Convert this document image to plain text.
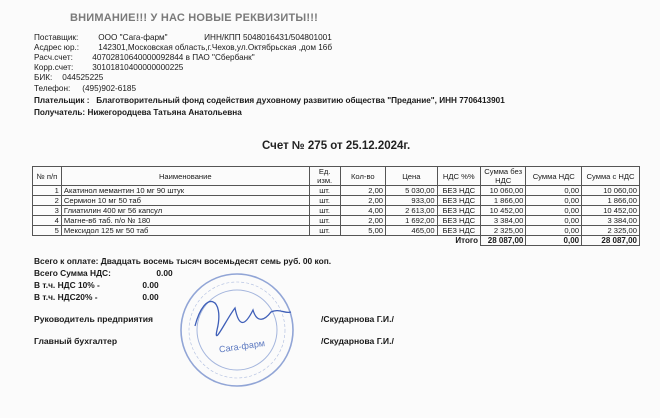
ВНИМАНИЕ!!! У НАС НОВЫЕ РЕКВИЗИТЫ!!!
Поставщик: ООО "Сага-фарм"	ИНН/КПП 5048016431/504801001
Асдрес юр.: 142301,Московская область,г.Чехов,ул.Октябрьская ,дом 16б
Расч.счет: 40702810640000092844 в ПАО "Сбербанк"
Корр.счет: 30101810400000000225
БИК: 044525225
Телефон: (495)902-6185
Плательщик : Благотворительный фонд содействия духовному развитию общества "Предание", ИНН 7706413901
Получатель: Нижегородцева Татьяна Анатольевна
Счет № 275 от 25.12.2024г.
№ п/п	Наименование	Ед. изм.	Кол-во	Цена	НДС %%	Сумма без НДС	Сумма НДС	Сумма с НДС
1	Акатинол мемантин 10 мг 90 штук	шт.	2,00	5 030,00	БЕЗ НДС	10 060,00	0,00	10 060,00
2	Сермион 10 мг 50 таб	шт.	2,00	933,00	БЕЗ НДС	1 866,00	0,00	1 866,00
3	Глиатилин 400 мг 56 капсул	шт.	4,00	2 613,00	БЕЗ НДС	10 452,00	0,00	10 452,00
4	Магне-в6 таб. п/о № 180	шт.	2,00	1 692,00	БЕЗ НДС	3 384,00	0,00	3 384,00
5	Мексидол 125 мг 50 таб	шт.	5,00	465,00	БЕЗ НДС	2 325,00	0,00	2 325,00
Итого						28 087,00	0,00	28 087,00
Всего к оплате: Двадцать восемь тысяч восемьдесят семь руб. 00 коп.
Всего Сумма НДС:	0.00
В т.ч. НДС 10% -	0.00
В т.ч. НДС20% -	0.00
Сага-фарм
Руководитель предприятия	/Скударнова Г.И./
Главный бухгалтер	/Скударнова Г.И./
